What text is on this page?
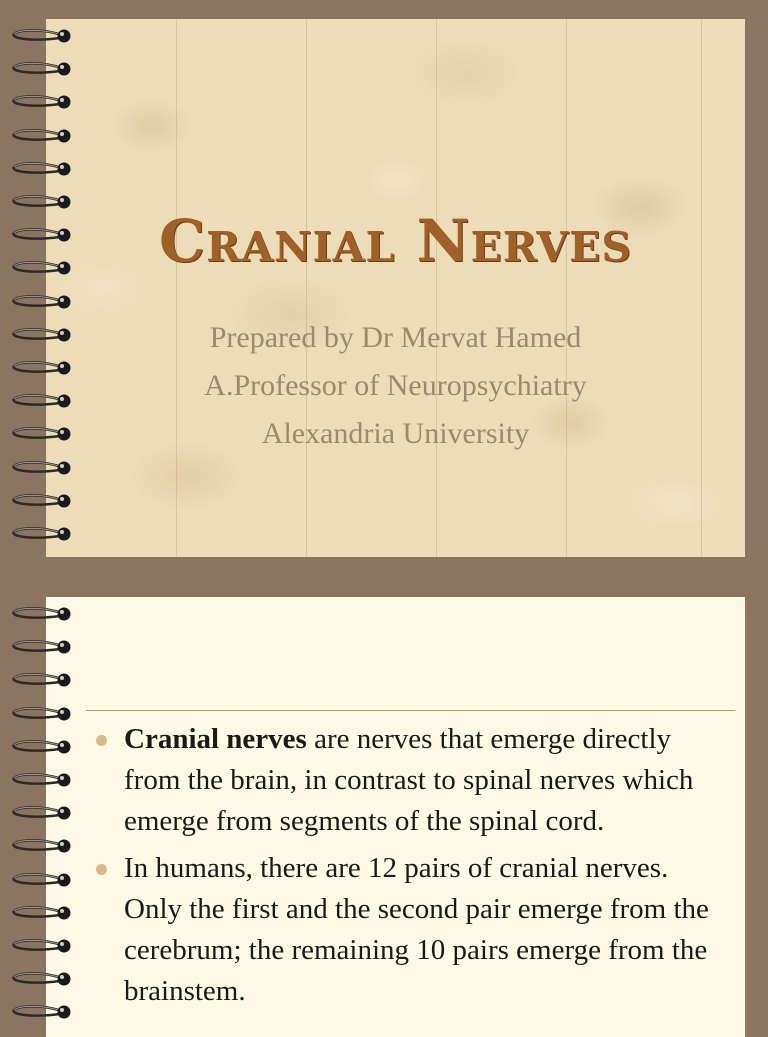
Cranial Nerves
Prepared by Dr Mervat Hamed
A.Professor of Neuropsychiatry
Alexandria University
Cranial nerves are nerves that emerge directly from the brain, in contrast to spinal nerves which emerge from segments of the spinal cord.
In humans, there are 12 pairs of cranial nerves. Only the first and the second pair emerge from the cerebrum; the remaining 10 pairs emerge from the brainstem.
